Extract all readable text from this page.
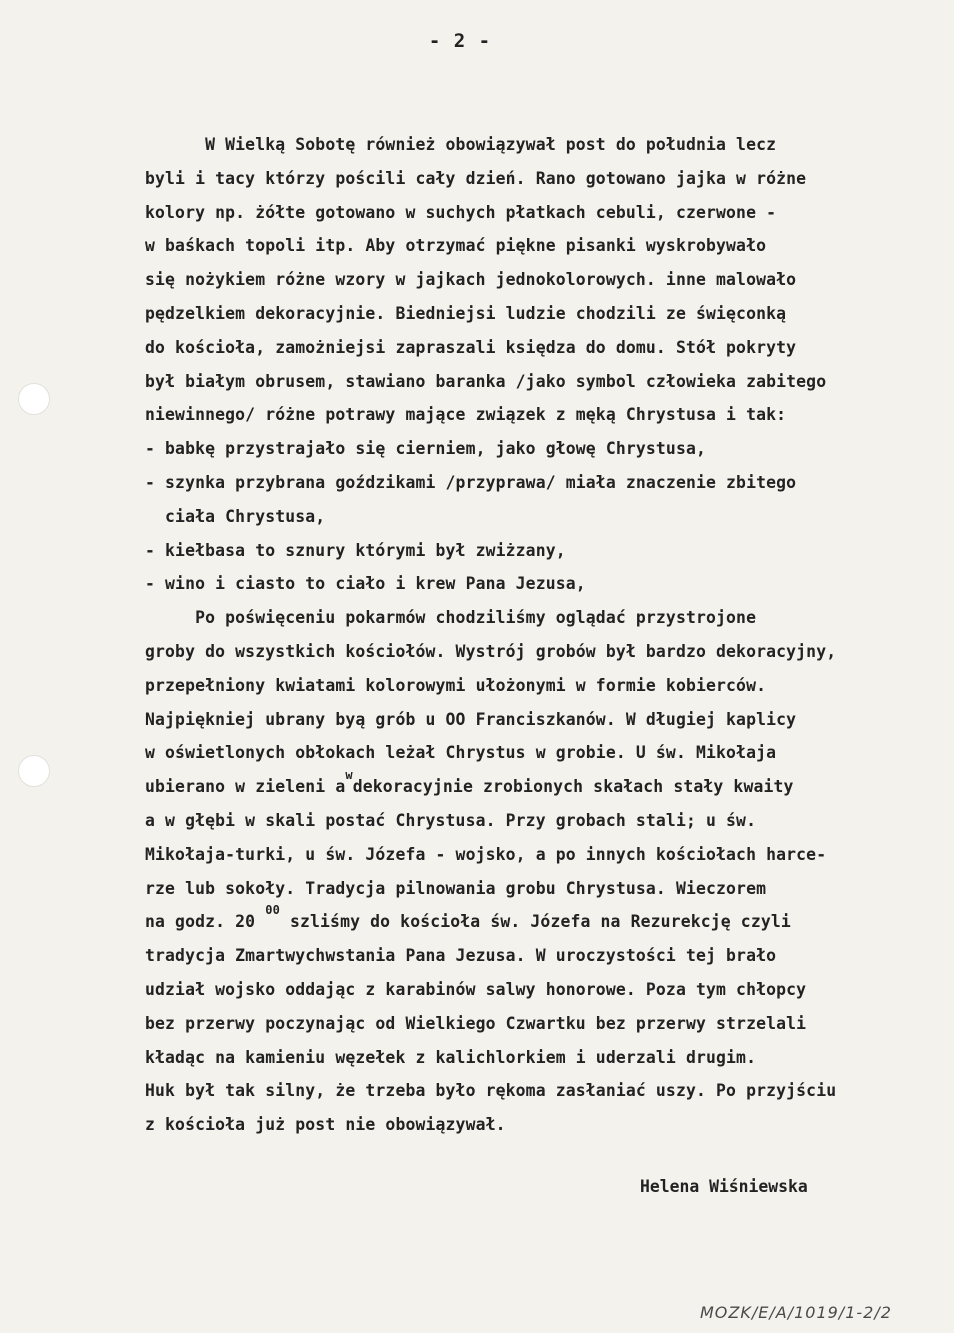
- 2 -
W Wielką Sobotę również obowiązywał post do południa lecz
byli i tacy którzy pościli cały dzień. Rano gotowano jajka w różne
kolory np. żółte gotowano w suchych płatkach cebuli, czerwone -
w baśkach topoli itp. Aby otrzymać piękne pisanki wyskrobywało
się nożykiem różne wzory w jajkach jednokolorowych. inne malowało
pędzelkiem dekoracyjnie. Biedniejsi ludzie chodzili ze święconką
do kościoła, zamożniejsi zapraszali księdza do domu. Stół pokryty
był białym obrusem, stawiano baranka /jako symbol człowieka zabitego
niewinnego/ różne potrawy mające związek z męką Chrystusa i tak:
- babkę przystrajało się cierniem, jako głowę Chrystusa,
- szynka przybrana goździkami /przyprawa/ miała znaczenie zbitego
ciała Chrystusa,
- kiełbasa to sznury którymi był zwiżzany,
- wino i ciasto to ciało i krew Pana Jezusa,
Po poświęceniu pokarmów chodziliśmy oglądać przystrojone
groby do wszystkich kościołów. Wystrój grobów był bardzo dekoracyjny,
przepełniony kwiatami kolorowymi ułożonymi w formie kobierców.
Najpiękniej ubrany byą grób u OO Franciszkanów. W długiej kaplicy
w oświetlonych obłokach leżał Chrystus w grobie. U św. Mikołaja
ubierano w zieleni $a^wdekoracyjnie$ zrobionych skałach stały kwaity
a w głębi w skali postać Chrystusa. Przy grobach stali; u św.
Mikołaja-turki, u św. Józefa - wojsko, a po innych kościołach harce-
rze lub sokoły. Tradycja pilnowania grobu Chrystusa. Wieczorem
na godz. 20 $^{00}$ szliśmy do kościoła św. Józefa na Rezurekcję czyli
tradycja Zmartwychwstania Pana Jezusa. W uroczystości tej brało
udział wojsko oddając z karabinów salwy honorowe. Poza tym chłopcy
bez przerwy poczynając od Wielkiego Czwartku bez przerwy strzelali
kładąc na kamieniu węzełek z kalichlorkiem i uderzali drugim.
Huk był tak silny, że trzeba było rękoma zasłaniać uszy. Po przyjściu
z kościoła już post nie obowiązywał.
Helena Wiśniewska
MOZK/E/A/1019/1-2/2
